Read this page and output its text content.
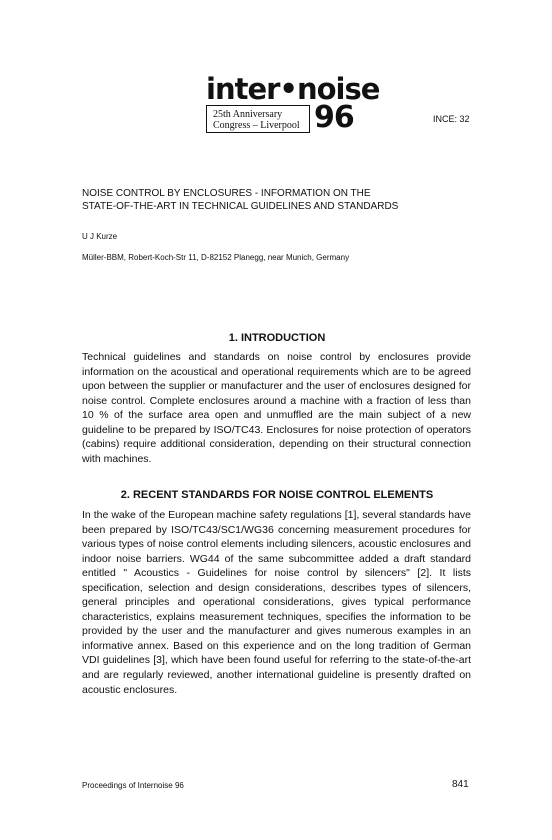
inter•noise
25th Anniversary
Congress – Liverpool 96	INCE: 32
NOISE CONTROL BY ENCLOSURES - INFORMATION ON THE
STATE-OF-THE-ART IN TECHNICAL GUIDELINES AND STANDARDS
U J Kurze
Müller-BBM, Robert-Koch-Str 11, D-82152 Planegg, near Munich, Germany
1. INTRODUCTION
Technical guidelines and standards on noise control by enclosures provide information on the acoustical and operational requirements which are to be agreed upon between the supplier or manufacturer and the user of enclosures designed for noise control. Complete enclosures around a machine with a fraction of less than 10 % of the surface area open and unmuffled are the main subject of a new guideline to be prepared by ISO/TC43. Enclosures for noise protection of operators (cabins) require additional consideration, depending on their structural connection with machines.
2. RECENT STANDARDS FOR NOISE CONTROL ELEMENTS
In the wake of the European machine safety regulations [1], several standards have been prepared by ISO/TC43/SC1/WG36 concerning measurement procedures for various types of noise control elements including silencers, acoustic enclosures and indoor noise barriers. WG44 of the same subcommittee added a draft standard entitled " Acoustics - Guidelines for noise control by silencers" [2]. It lists specification, selection and design considerations, describes types of silencers, general principles and operational considerations, gives typical performance characteristics, explains measurement techniques, specifies the information to be provided by the user and the manufacturer and gives numerous examples in an informative annex. Based on this experience and on the long tradition of German VDI guidelines [3], which have been found useful for referring to the state-of-the-art and are regularly reviewed, another international guideline is presently drafted on acoustic enclosures.
Proceedings of Internoise 96	841
